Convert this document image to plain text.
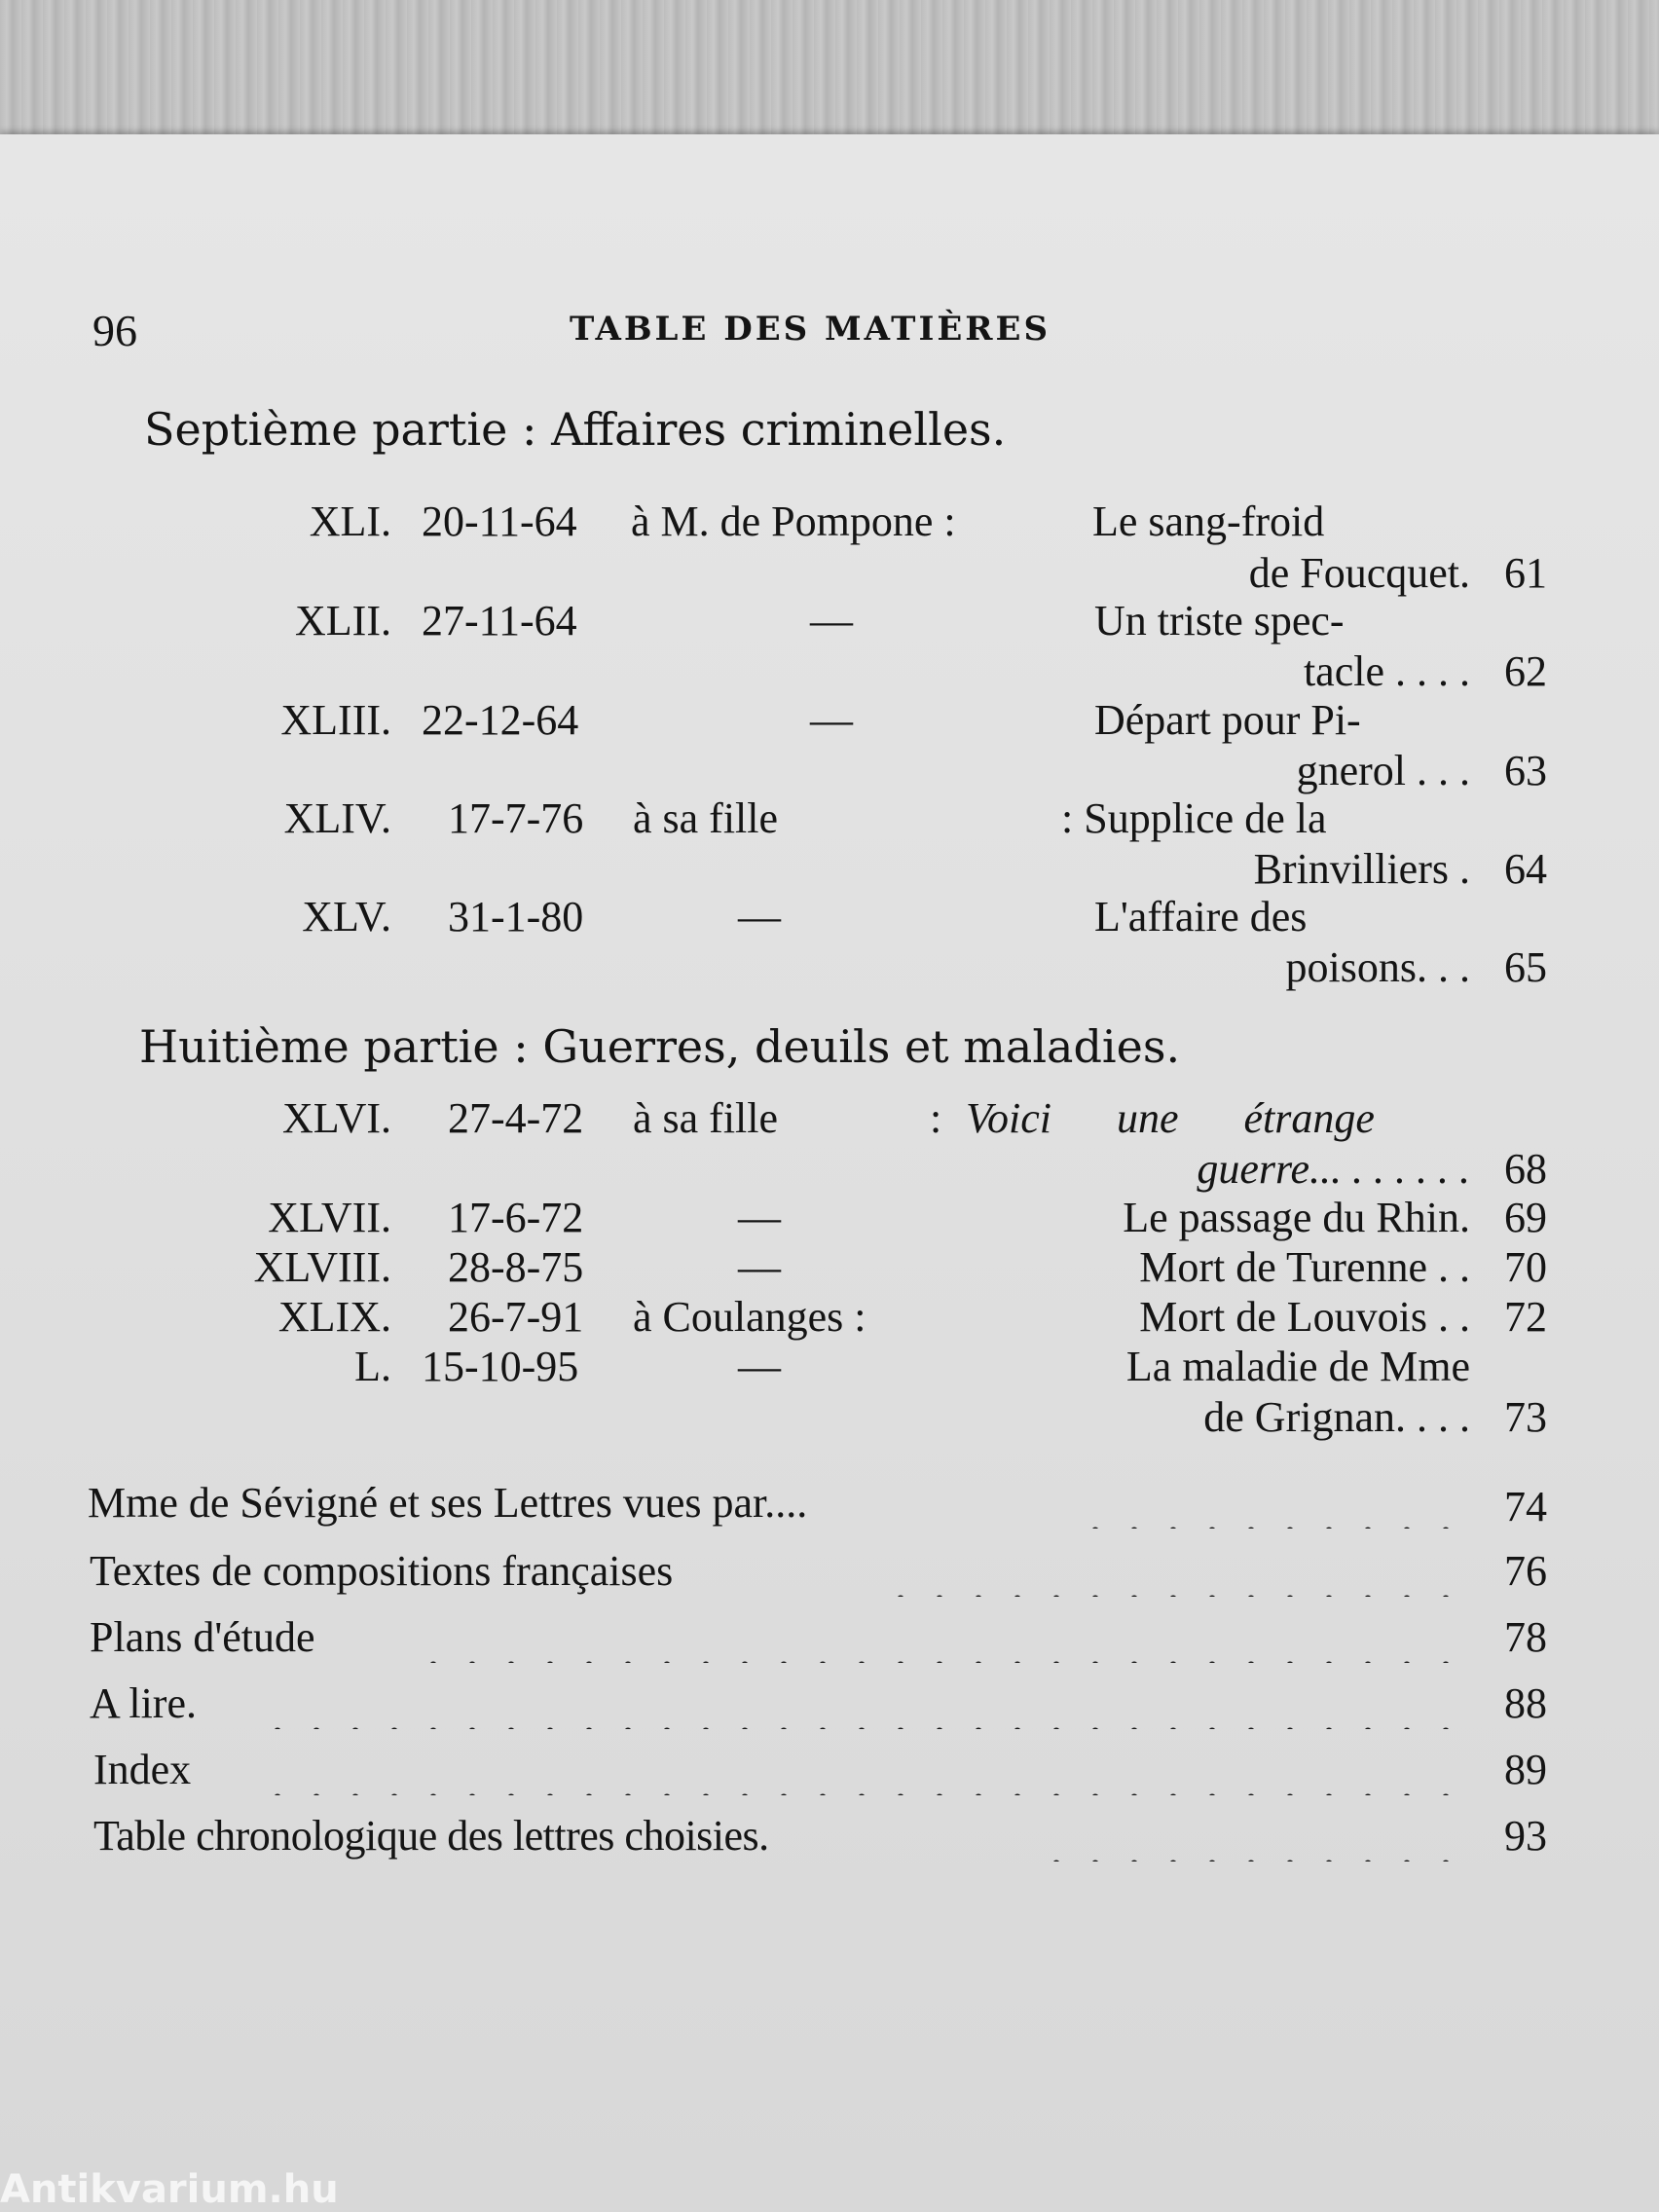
96	TABLE DES MATIÈRES
Septième partie : Affaires criminelles.
XLI. 20-11-64 à M. de Pompone :	Le sang-froid
de Foucquet. 61
XLII. 27-11-64	—	Un triste spec-
tacle . . . . 62
XLIII. 22-12-64	—	Départ pour Pi-
gnerol . . . 63
XLIV. 17-7-76 à sa fille	: Supplice de la
Brinvilliers . 64
XLV. 31-1-80	—	L'affaire des
poisons. . . 65
Huitième partie : Guerres, deuils et maladies.
XLVI. 27-4-72 à sa fille	: Voici une étrange
guerre... . . . . . . 68
XLVII. 17-6-72	—	Le passage du Rhin. 69
XLVIII. 28-8-75	—	Mort de Turenne . . 70
XLIX. 26-7-91 à Coulanges :	Mort de Louvois . . 72
L. 15-10-95	—	La maladie de Mme
de Grignan. . . . 73
Mme de Sévigné et ses Lettres vues par....	74
Textes de compositions françaises	76
Plans d'étude	78
A lire.	88
Index	89
Table chronologique des lettres choisies.	93
Antikvarium.hu
